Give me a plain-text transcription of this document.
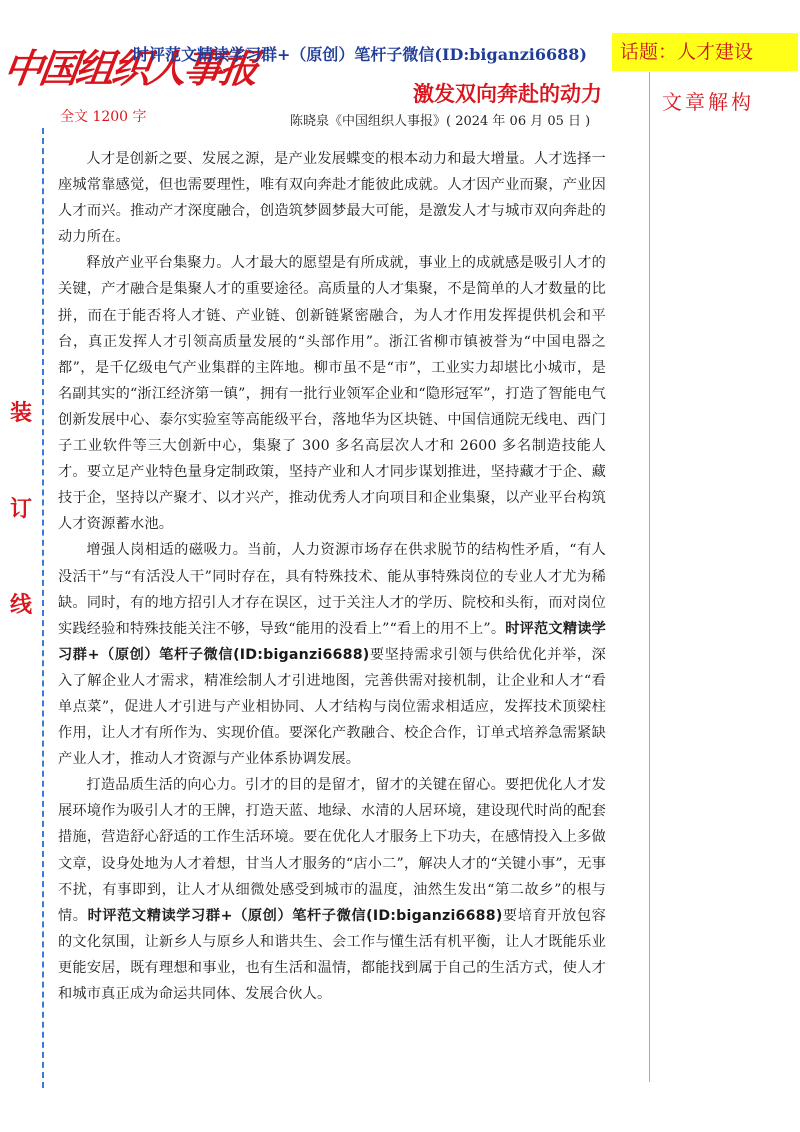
中国组织人事报
时评范文精读学习群+（原创）笔杆子微信(ID:biganzi6688)	话题：人才建设
激发双向奔赴的动力	文章解构
全文 1200 字	陈晓泉《中国组织人事报》( 2024 年 06 月 05 日 )
装
订
线

人才是创新之要、发展之源，是产业发展蝶变的根本动力和最大增量。人才选择一座城常靠感觉，但也需要理性，唯有双向奔赴才能彼此成就。人才因产业而聚，产业因人才而兴。推动产才深度融合，创造筑梦圆梦最大可能，是激发人才与城市双向奔赴的动力所在。

释放产业平台集聚力。人才最大的愿望是有所成就，事业上的成就感是吸引人才的关键，产才融合是集聚人才的重要途径。高质量的人才集聚，不是简单的人才数量的比拼，而在于能否将人才链、产业链、创新链紧密融合，为人才作用发挥提供机会和平台，真正发挥人才引领高质量发展的“头部作用”。浙江省柳市镇被誉为“中国电器之都”，是千亿级电气产业集群的主阵地。柳市虽不是“市”，工业实力却堪比小城市，是名副其实的“浙江经济第一镇”，拥有一批行业领军企业和“隐形冠军”，打造了智能电气创新发展中心、泰尔实验室等高能级平台，落地华为区块链、中国信通院无线电、西门子工业软件等三大创新中心，集聚了 300 多名高层次人才和 2600 多名制造技能人才。要立足产业特色量身定制政策，坚持产业和人才同步谋划推进，坚持藏才于企、藏技于企，坚持以产聚才、以才兴产，推动优秀人才向项目和企业集聚，以产业平台构筑人才资源蓄水池。

增强人岗相适的磁吸力。当前，人力资源市场存在供求脱节的结构性矛盾，“有人没活干”与“有活没人干”同时存在，具有特殊技术、能从事特殊岗位的专业人才尤为稀缺。同时，有的地方招引人才存在误区，过于关注人才的学历、院校和头衔，而对岗位实践经验和特殊技能关注不够，导致“能用的没看上”“看上的用不上”。时评范文精读学习群+（原创）笔杆子微信(ID:biganzi6688)要坚持需求引领与供给优化并举，深入了解企业人才需求，精准绘制人才引进地图，完善供需对接机制，让企业和人才“看单点菜”，促进人才引进与产业相协同、人才结构与岗位需求相适应，发挥技术顶梁柱作用，让人才有所作为、实现价值。要深化产教融合、校企合作，订单式培养急需紧缺产业人才，推动人才资源与产业体系协调发展。

打造品质生活的向心力。引才的目的是留才，留才的关键在留心。要把优化人才发展环境作为吸引人才的王牌，打造天蓝、地绿、水清的人居环境，建设现代时尚的配套措施，营造舒心舒适的工作生活环境。要在优化人才服务上下功夫，在感情投入上多做文章，设身处地为人才着想，甘当人才服务的“店小二”，解决人才的“关键小事”，无事不扰，有事即到，让人才从细微处感受到城市的温度，油然生发出“第二故乡”的根与情。时评范文精读学习群+（原创）笔杆子微信(ID:biganzi6688)要培育开放包容的文化氛围，让新乡人与原乡人和谐共生、会工作与懂生活有机平衡，让人才既能乐业更能安居，既有理想和事业，也有生活和温情，都能找到属于自己的生活方式，使人才和城市真正成为命运共同体、发展合伙人。
